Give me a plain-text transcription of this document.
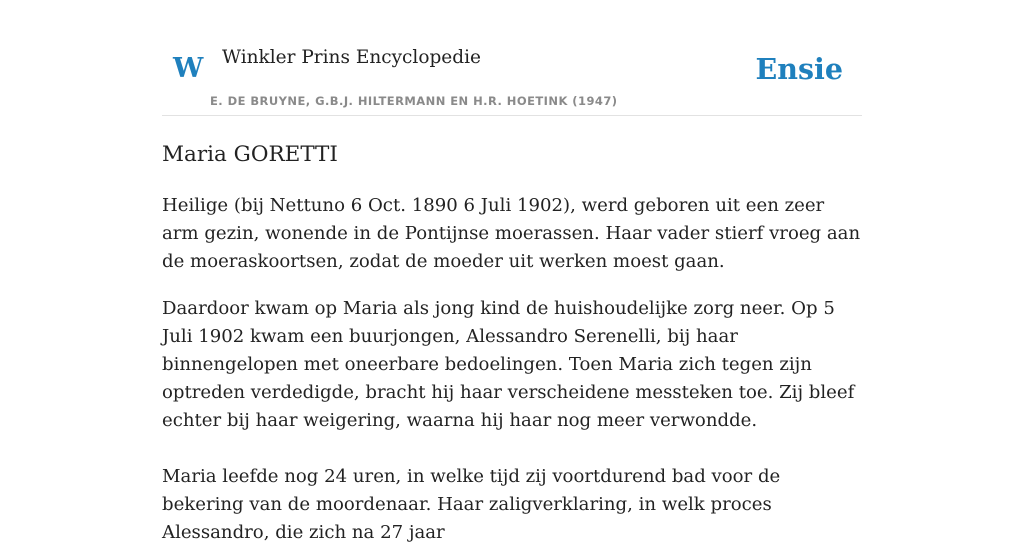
W Winkler Prins Encyclopedie
E. DE BRUYNE, G.B.J. HILTERMANN EN H.R. HOETINK (1947)
Ensie
Maria GORETTI

Heilige (bij Nettuno 6 Oct. 1890 6 Juli 1902), werd geboren uit een zeer arm gezin, wonende in de Pontijnse moerassen. Haar vader stierf vroeg aan de moeraskoortsen, zodat de moeder uit werken moest gaan.

Daardoor kwam op Maria als jong kind de huishoudelijke zorg neer. Op 5 Juli 1902 kwam een buurjongen, Alessandro Serenelli, bij haar binnengelopen met oneerbare bedoelingen. Toen Maria zich tegen zijn optreden verdedigde, bracht hij haar verscheidene messteken toe. Zij bleef echter bij haar weigering, waarna hij haar nog meer verwondde.

Maria leefde nog 24 uren, in welke tijd zij voortdurend bad voor de bekering van de moordenaar. Haar zaligverklaring, in welk proces Alessandro, die zich na 27 jaar
